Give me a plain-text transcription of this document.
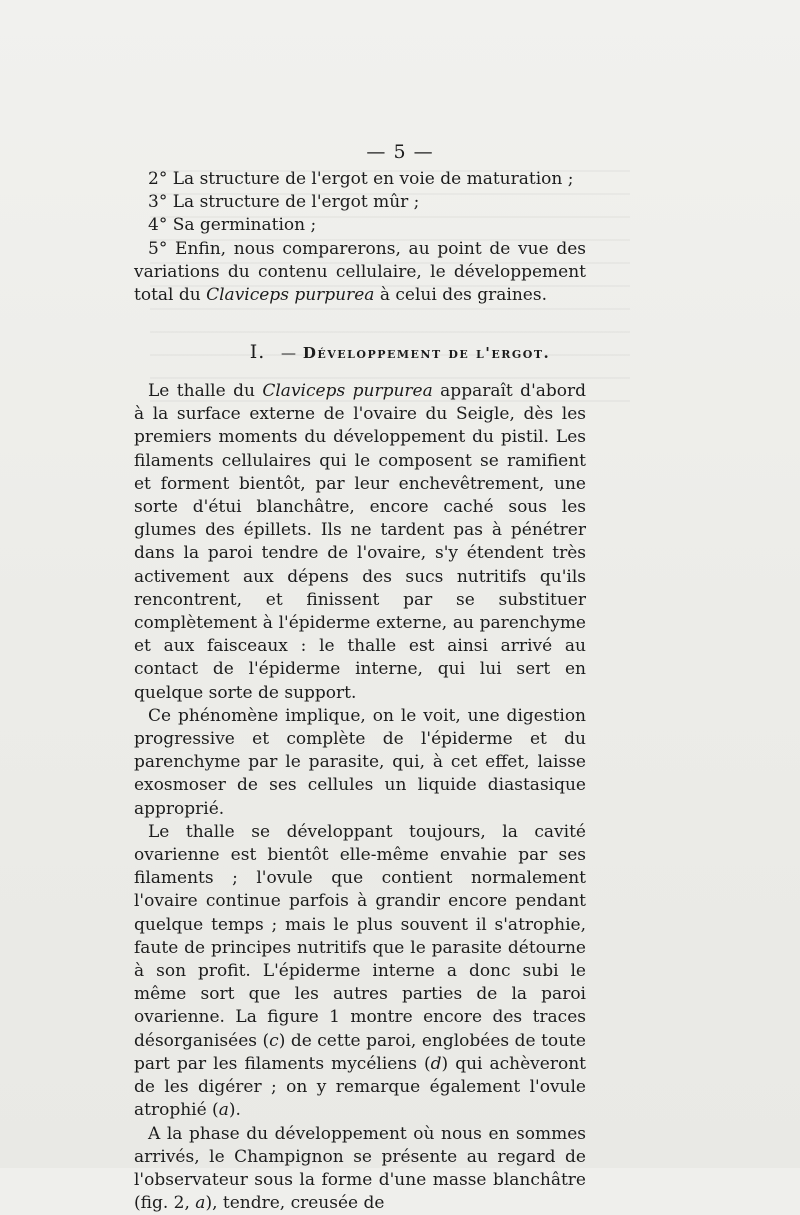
— 5 —
2° La structure de l'ergot en voie de maturation ;
3° La structure de l'ergot mûr ;
4° Sa germination ;
5° Enfin, nous comparerons, au point de vue des variations du contenu cellulaire, le développement total du Claviceps purpurea à celui des graines.
I. — Développement de l'ergot.

Le thalle du Claviceps purpurea apparaît d'abord à la surface externe de l'ovaire du Seigle, dès les premiers moments du développement du pistil. Les filaments cellulaires qui le composent se ramifient et forment bientôt, par leur enchevêtrement, une sorte d'étui blanchâtre, encore caché sous les glumes des épillets. Ils ne tardent pas à pénétrer dans la paroi tendre de l'ovaire, s'y étendent très activement aux dépens des sucs nutritifs qu'ils rencontrent, et finissent par se substituer complètement à l'épiderme externe, au parenchyme et aux faisceaux : le thalle est ainsi arrivé au contact de l'épiderme interne, qui lui sert en quelque sorte de support.

Ce phénomène implique, on le voit, une digestion progressive et complète de l'épiderme et du parenchyme par le parasite, qui, à cet effet, laisse exosmoser de ses cellules un liquide diastasique approprié.

Le thalle se développant toujours, la cavité ovarienne est bientôt elle-même envahie par ses filaments ; l'ovule que contient normalement l'ovaire continue parfois à grandir encore pendant quelque temps ; mais le plus souvent il s'atrophie, faute de principes nutritifs que le parasite détourne à son profit. L'épiderme interne a donc subi le même sort que les autres parties de la paroi ovarienne. La figure 1 montre encore des traces désorganisées (c) de cette paroi, englobées de toute part par les filaments mycéliens (d) qui achèveront de les digérer ; on y remarque également l'ovule atrophié (a).

A la phase du développement où nous en sommes arrivés, le Champignon se présente au regard de l'observateur sous la forme d'une masse blanchâtre (fig. 2, a), tendre, creusée de
